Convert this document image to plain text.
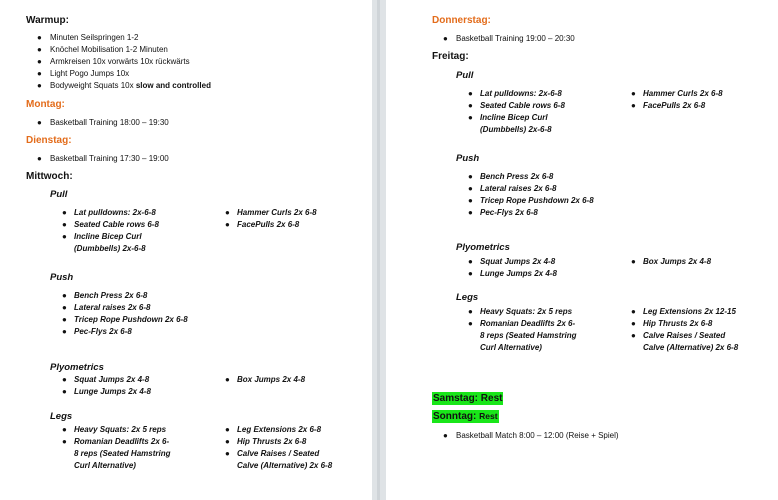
Warmup:
● Minuten Seilspringen 1-2
● Knöchel Mobilisation 1-2 Minuten
● Armkreisen 10x vorwärts 10x rückwärts
● Light Pogo Jumps 10x
● Bodyweight Squats 10x slow and controlled
Montag:
● Basketball Training 18:00 – 19:30
Dienstag:
● Basketball Training 17:30 – 19:00
Mittwoch:
Pull
● Lat pulldowns: 2x-6-8
● Seated Cable rows 6-8
● Incline Bicep Curl
(Dumbbells) 2x-6-8
● Hammer Curls 2x 6-8
● FacePulls 2x 6-8
Push
● Bench Press 2x 6-8
● Lateral raises 2x 6-8
● Tricep Rope Pushdown 2x 6-8
● Pec-Flys 2x 6-8
Plyometrics
● Squat Jumps 2x 4-8
● Lunge Jumps 2x 4-8
● Box Jumps 2x 4-8
Legs
● Heavy Squats: 2x 5 reps
● Romanian Deadlifts 2x 6-
8 reps (Seated Hamstring
Curl Alternative)
● Leg Extensions 2x 6-8
● Hip Thrusts 2x 6-8
● Calve Raises / Seated
Calve (Alternative) 2x 6-8
Donnerstag:
● Basketball Training 19:00 – 20:30
Freitag:
Pull
● Lat pulldowns: 2x-6-8
● Seated Cable rows 6-8
● Incline Bicep Curl
(Dumbbells) 2x-6-8
● Hammer Curls 2x 6-8
● FacePulls 2x 6-8
Push
● Bench Press 2x 6-8
● Lateral raises 2x 6-8
● Tricep Rope Pushdown 2x 6-8
● Pec-Flys 2x 6-8
Plyometrics
● Squat Jumps 2x 4-8
● Lunge Jumps 2x 4-8
● Box Jumps 2x 4-8
Legs
● Heavy Squats: 2x 5 reps
● Romanian Deadlifts 2x 6-
8 reps (Seated Hamstring
Curl Alternative)
● Leg Extensions 2x 12-15
● Hip Thrusts 2x 6-8
● Calve Raises / Seated
Calve (Alternative) 2x 6-8
Samstag: Rest
Sonntag: Rest
● Basketball Match 8:00 – 12:00 (Reise + Spiel)
